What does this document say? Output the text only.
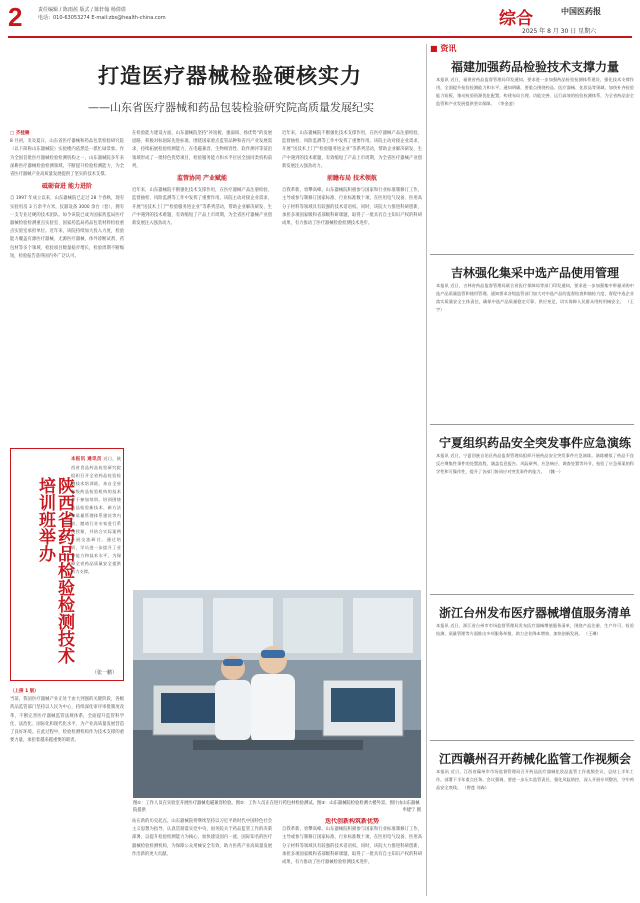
2	责任编辑 / 陈雨茜 版式 / 陈轩翰 杨倩倩
电话：010-63053274 E-mail:zbs@health-china.com	综合	中国医药报
2025 年 8 月 30 日 星期六
打造医疗器械检验硬核实力
——山东省医疗器械和药品包装检验研究院高质量发展纪实
□ 齐桂楠
8 月初，炎炎夏日，山东省医疗器械和药品包装检验研究院（以下简称山东器械院）实验楼内依然是一派忙碌景象。作为全国首批医疗器械检验检测机构之一，山东器械院多年来深耕医疗器械检验检测领域，不断提升检验检测能力，为全省医疗器械产业高质量发展提供了坚实的技术支撑。
砥砺奋进 能力进阶
自 1997 年成立以来，山东器械院已走过 28 个春秋，现有实验用房 3 万余平方米，仪器设备 3000 余台（套），拥有一支专业过硬的技术团队。如今该院已成为国家药监局医疗器械检验检测重点实验室、国家药监局药品包装材料检验重点实验室承担单位。近年来，该院持续加大投入力度，检验能力覆盖有源医疗器械、无源医疗器械、体外诊断试剂、药包材等多个领域，检验项目数量稳步增长，检验周期不断缩短，检验报告获得国内外广泛认可。
在检验能力建设方面，山东器械院坚持“补短板、强弱项、扬优势”的发展思路，积极对标国际先进标准，围绕国家重点监管品种和省内产业发展需求，持续拓展检验检测能力，在电磁兼容、生物相容性、软件测评等前沿领域形成了一批特色优势项目，检验服务能力和水平位居全国同类机构前列。
监管协同 产业赋能
近年来，山东器械院不断强化技术支撑作用，在医疗器械产品注册检验、监督抽检、风险监测等工作中发挥了重要作用。该院主动对接企业需求，开展“送技术上门”“检验服务进企业”等系列活动，帮助企业解决研发、生产中遇到的技术难题，有效缩短了产品上市周期，为全省医疗器械产业创新发展注入强劲动力。
近年来，山东器械院不断强化技术支撑作用，在医疗器械产品注册检验、监督抽检、风险监测等工作中发挥了重要作用。该院主动对接企业需求，开展“送技术上门”“检验服务进企业”等系列活动，帮助企业解决研发、生产中遇到的技术难题，有效缩短了产品上市周期，为全省医疗器械产业创新发展注入强劲动力。
前瞻布局 技术领航
自我革新，勇攀高峰。山东器械院积极参与国家和行业标准制修订工作，主导或参与制修订国家标准、行业标准数十项，在医用电气设备、医用高分子材料等领域具有较强的技术话语权。同时，该院大力推进科研创新，承担多项国家级和省部级科研课题，取得了一批具有自主知识产权的科研成果，有力推动了医疗器械检验检测技术进步。
陕西省药品检验检测技术培训班举办
本报讯 通讯员 近日，陕西省食品药品检验研究院组织召开全省药品检验检测技术培训班。来自全省各级药品检验机构的技术骨干参加培训。培训围绕药品检验新技术、新方法和质量管理体系建设等内容，邀请行业专家进行系统授课，并结合实际案例开展交流研讨。通过培训，学员进一步提升了业务能力和技术水平，为保障全省药品质量安全提供有力支撑。
（张一鹏）
（上接 1 版）
当前，我国医疗器械产业正处于由大到强的关键阶段，各级药品监管部门坚持以人民为中心，持续深化审评审批制度改革，不断完善医疗器械监管法规体系，全面提升监管科学化、法治化、国际化和现代化水平，为产业高质量发展营造了良好环境。在此过程中，检验检测机构作为技术支撑的重要力量，承担着越来越重要的职责。
图①：工作人员在实验室开展医疗器械电磁兼容检验。图②：工作人员正在进行药包材检验测试。图③：山东器械院检验检测大楼外景。图片由山东器械院提供	申建宁 摄
站在新的历史起点，山东器械院将继续坚持以习近平新时代中国特色社会主义思想为指导，认真贯彻落实党中央、国务院关于药品监管工作的决策部署，以提升检验检测能力为核心，加快建设国内一流、国际知名的医疗器械检验检测机构，为保障公众用械安全有效、助力医药产业高质量发展作出新的更大贡献。
迭代创新构筑新优势
自我革新，勇攀高峰。山东器械院积极参与国家和行业标准制修订工作，主导或参与制修订国家标准、行业标准数十项，在医用电气设备、医用高分子材料等领域具有较强的技术话语权。同时，该院大力推进科研创新，承担多项国家级和省部级科研课题，取得了一批具有自主知识产权的科研成果，有力推动了医疗器械检验检测技术进步。
■ 资讯
福建加强药品检验技术支撑力量
本报讯 近日，福建省药品监督管理局印发通知，要求进一步加强药品检验检测体系建设，强化技术支撑作用，全面提升检验检测能力和水平。通知明确，要重点围绕药品、医疗器械、化妆品等领域，加快补齐检验能力短板，推动检验资源优化配置，构建布局合理、功能完善、运行高效的检验检测体系，为全省药品安全监管和产业发展提供坚实保障。 （李金凌）
吉林强化集采中选产品使用管理
本报讯 近日，吉林省药品监督管理局联合省医疗保障局等部门印发通知，要求进一步加强集中带量采购中选产品质量监管和使用管理。通知要求各级监管部门加大对中选产品的监督检查和抽检力度，督促中选企业落实质量安全主体责任，确保中选产品质量稳定可靠、供应充足，切实保障人民群众用药用械安全。 （王宇）
宁夏组织药品安全突发事件应急演练
本报讯 近日，宁夏回族自治区药品监督管理局组织开展药品安全突发事件应急演练。演练模拟了药品不良反应聚集性事件的处置流程，涵盖信息报告、风险研判、应急响应、调查处置等环节，检验了应急预案的科学性和可操作性，提升了各部门协同应对突发事件的能力。 （魏一）
浙江台州发布医疗器械增值服务清单
本报讯 近日，浙江省台州市市场监督管理局发布医疗器械增值服务清单，围绕产品注册、生产许可、检验检测、质量管理等方面推出多项服务举措，助力企业降本增效、加快创新发展。 （王琳）
江西赣州召开药械化监管工作视频会
本报讯 近日，江西省赣州市市场监督管理局召开药品医疗器械化妆品监管工作视频会议，总结上半年工作，部署下半年重点任务。会议强调，要进一步压实监管责任，强化风险防控，深入开展专项整治，守牢药品安全底线。 （曾莲 刘森）
